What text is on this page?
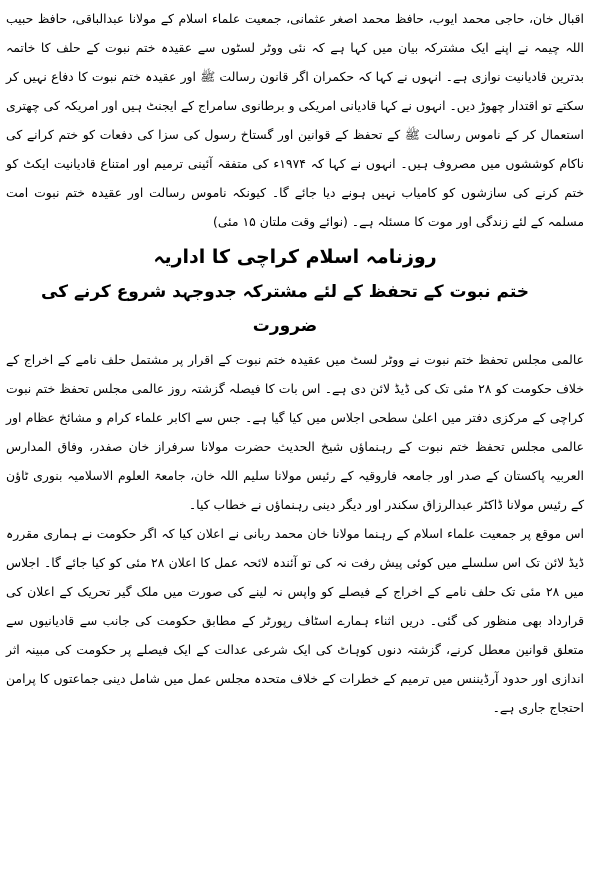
اقبال خان، حاجی محمد ایوب، حافظ محمد اصغر عثمانی، جمعیت علماء اسلام کے مولانا عبدالباقی، حافظ حبیب اللہ چیمہ نے اپنے ایک مشترکہ بیان میں کہا ہے کہ نئی ووٹر لسٹوں سے عقیدہ ختم نبوت کے حلف کا خاتمہ بدترین قادیانیت نوازی ہے۔ انہوں نے کہا کہ حکمران اگر قانون رسالت ﷺ اور عقیدہ ختم نبوت کا دفاع نہیں کر سکتے تو اقتدار چھوڑ دیں۔ انہوں نے کہا قادیانی امریکی و برطانوی سامراج کے ایجنٹ ہیں اور امریکہ کی چھتری استعمال کر کے ناموس رسالت ﷺ کے تحفظ کے قوانین اور گستاخ رسول کی سزا کی دفعات کو ختم کرانے کی ناکام کوششوں میں مصروف ہیں۔ انہوں نے کہا کہ ۱۹۷۴ء کی متفقہ آئینی ترمیم اور امتناع قادیانیت ایکٹ کو ختم کرنے کی سازشوں کو کامیاب نہیں ہونے دیا جائے گا۔ کیونکہ ناموس رسالت اور عقیدہ ختم نبوت امت مسلمہ کے لئے زندگی اور موت کا مسئلہ ہے۔ (نوائے وقت ملتان ۱۵ مئی)

روزنامہ اسلام کراچی کا اداریہ
ختم نبوت کے تحفظ کے لئے مشترکہ جدوجہد شروع کرنے کی ضرورت

عالمی مجلس تحفظ ختم نبوت نے ووٹر لسٹ میں عقیدہ ختم نبوت کے اقرار پر مشتمل حلف نامے کے اخراج کے خلاف حکومت کو ۲۸ مئی تک کی ڈیڈ لائن دی ہے۔ اس بات کا فیصلہ گزشتہ روز عالمی مجلس تحفظ ختم نبوت کراچی کے مرکزی دفتر میں اعلیٰ سطحی اجلاس میں کیا گیا ہے۔ جس سے اکابر علماء کرام و مشائخ عظام اور عالمی مجلس تحفظ ختم نبوت کے رہنماؤں شیخ الحدیث حضرت مولانا سرفراز خان صفدر، وفاق المدارس العربیہ پاکستان کے صدر اور جامعہ فاروقیہ کے رئیس مولانا سلیم اللہ خان، جامعۃ العلوم الاسلامیہ بنوری ٹاؤن کے رئیس مولانا ڈاکٹر عبدالرزاق سکندر اور دیگر دینی رہنماؤں نے خطاب کیا۔

اس موقع پر جمعیت علماء اسلام کے رہنما مولانا خان محمد ربانی نے اعلان کیا کہ اگر حکومت نے ہماری مقررہ ڈیڈ لائن تک اس سلسلے میں کوئی پیش رفت نہ کی تو آئندہ لائحہ عمل کا اعلان ۲۸ مئی کو کیا جائے گا۔ اجلاس میں ۲۸ مئی تک حلف نامے کے اخراج کے فیصلے کو واپس نہ لینے کی صورت میں ملک گیر تحریک کے اعلان کی قرارداد بھی منظور کی گئی۔ دریں اثناء ہمارے اسٹاف رپورٹر کے مطابق حکومت کی جانب سے قادیانیوں سے متعلق قوانین معطل کرنے، گزشتہ دنوں کوہاٹ کی ایک شرعی عدالت کے ایک فیصلے پر حکومت کی مبینہ اثر اندازی اور حدود آرڈیننس میں ترمیم کے خطرات کے خلاف متحدہ مجلس عمل میں شامل دینی جماعتوں کا پرامن احتجاج جاری ہے۔
